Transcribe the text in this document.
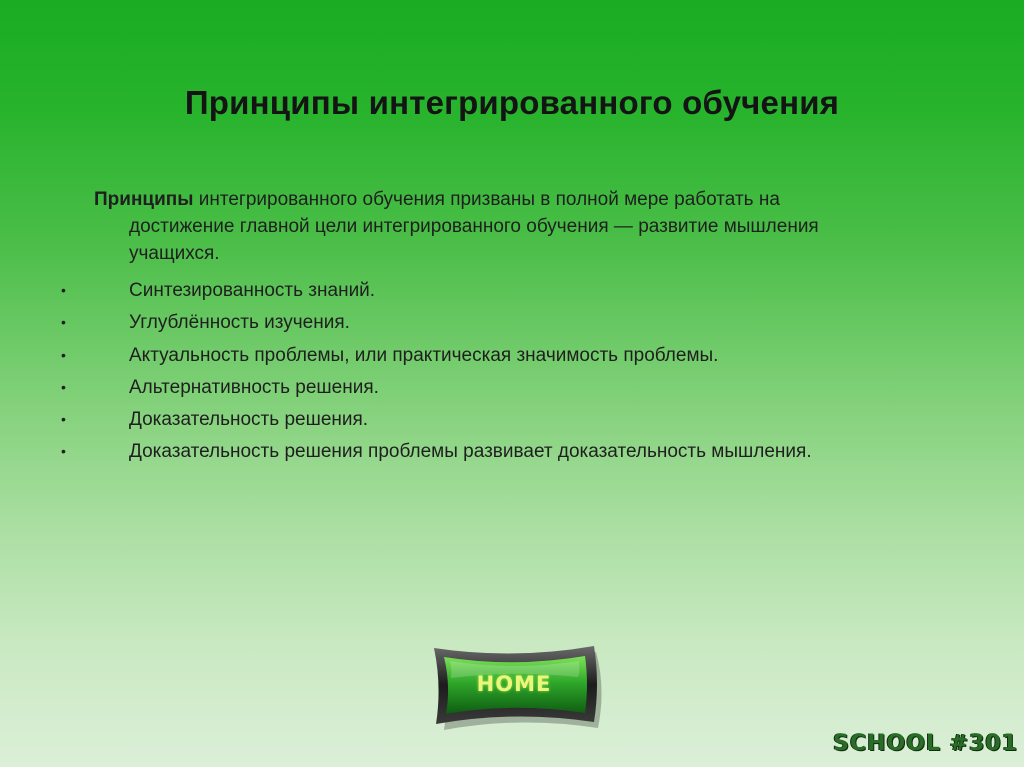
Принципы интегрированного обучения

Принципы интегрированного обучения призваны в полной мере работать на
достижение главной цели интегрированного обучения — развитие мышления
учащихся.

•	Синтезированность знаний.
•	Углублённость изучения.
•	Актуальность проблемы, или практическая значимость проблемы.
•	Альтернативность решения.
•	Доказательность решения.
•	Доказательность решения проблемы развивает доказательность мышления.
HOME
SCHOOL #301
